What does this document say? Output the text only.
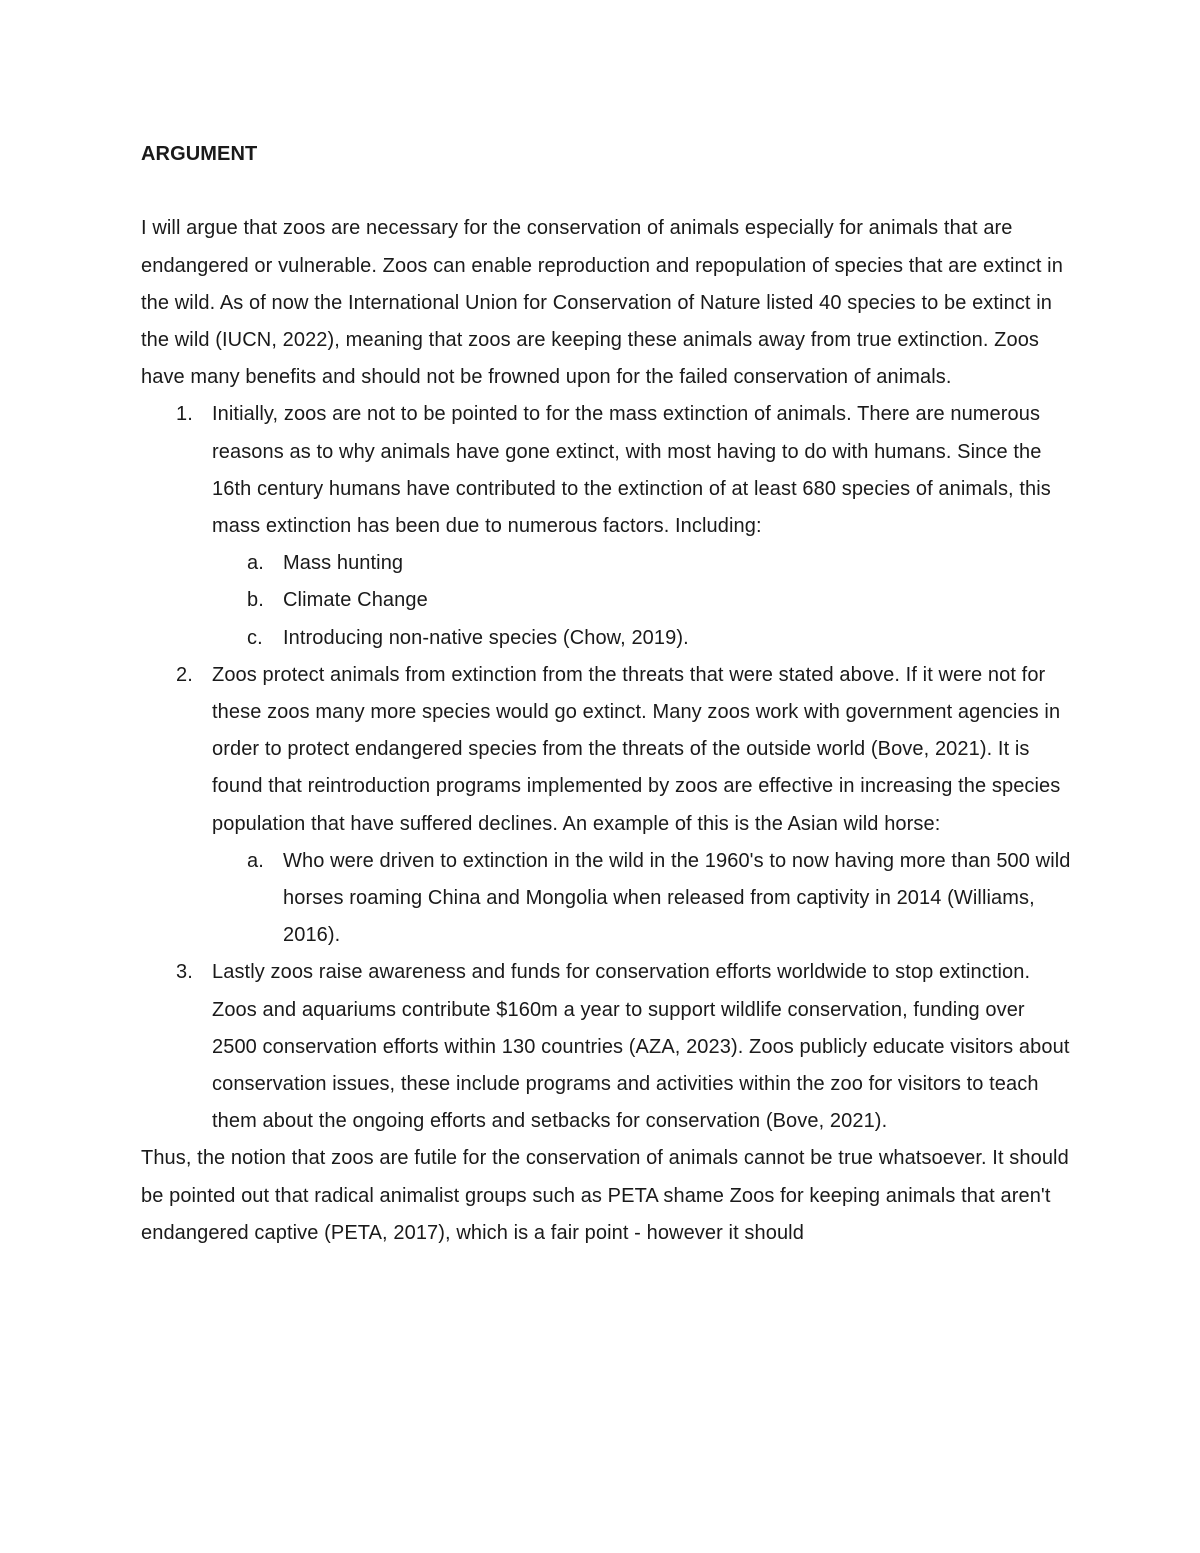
ARGUMENT

I will argue that zoos are necessary for the conservation of animals especially for animals that are endangered or vulnerable. Zoos can enable reproduction and repopulation of species that are extinct in the wild. As of now the International Union for Conservation of Nature listed 40 species to be extinct in the wild (IUCN, 2022), meaning that zoos are keeping these animals away from true extinction. Zoos have many benefits and should not be frowned upon for the failed conservation of animals.

1. Initially, zoos are not to be pointed to for the mass extinction of animals. There are numerous reasons as to why animals have gone extinct, with most having to do with humans. Since the 16th century humans have contributed to the extinction of at least 680 species of animals, this mass extinction has been due to numerous factors. Including:
a. Mass hunting
b. Climate Change
c. Introducing non-native species (Chow, 2019).
2. Zoos protect animals from extinction from the threats that were stated above. If it were not for these zoos many more species would go extinct. Many zoos work with government agencies in order to protect endangered species from the threats of the outside world (Bove, 2021). It is found that reintroduction programs implemented by zoos are effective in increasing the species population that have suffered declines. An example of this is the Asian wild horse:
a. Who were driven to extinction in the wild in the 1960's to now having more than 500 wild horses roaming China and Mongolia when released from captivity in 2014 (Williams, 2016).
3. Lastly zoos raise awareness and funds for conservation efforts worldwide to stop extinction. Zoos and aquariums contribute $160m a year to support wildlife conservation, funding over 2500 conservation efforts within 130 countries (AZA, 2023). Zoos publicly educate visitors about conservation issues, these include programs and activities within the zoo for visitors to teach them about the ongoing efforts and setbacks for conservation (Bove, 2021).

Thus, the notion that zoos are futile for the conservation of animals cannot be true whatsoever. It should be pointed out that radical animalist groups such as PETA shame Zoos for keeping animals that aren't endangered captive (PETA, 2017), which is a fair point - however it should
